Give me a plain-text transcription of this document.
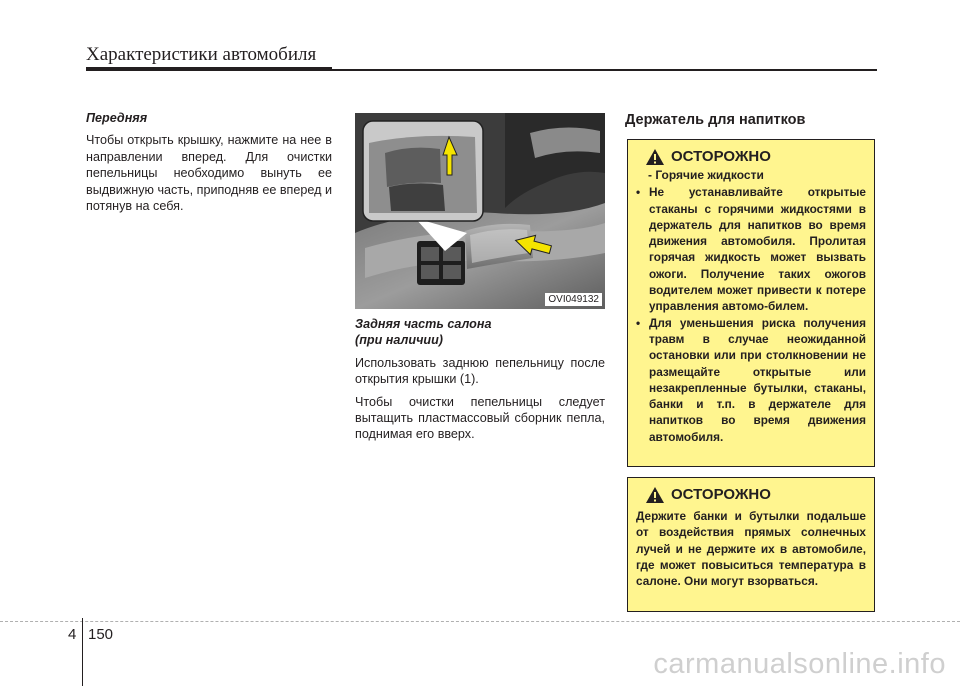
Характеристики автомобиля

Передняя

Чтобы открыть крышку, нажмите на нее в направлении вперед. Для очистки пепельницы необходимо вынуть ее выдвижную часть, приподняв ее вперед и потянув на себя.

OVI049132

Задняя часть салона

(при наличии)

Использовать заднюю пепельницу после открытия крышки (1).

Чтобы очистки пепельницы следует вытащить пластмассовый сборник пепла, поднимая его вверх.

Держатель для напитков
ОСТОРОЖНО
- Горячие жидкости
• Не устанавливайте открытые стаканы с горячими жидкостями в держатель для напитков во время движения автомобиля. Пролитая горячая жидкость может вызвать ожоги. Получение таких ожогов водителем может привести к потере управления автомо-билем.
• Для уменьшения риска получения травм в случае неожиданной остановки или при столкновении не размещайте открытые или незакрепленные бутылки, стаканы, банки и т.п. в держателе для напитков во время движения автомобиля.
ОСТОРОЖНО

Держите банки и бутылки подальше от воздействия прямых солнечных лучей и не держите их в автомобиле, где может повыситься температура в салоне. Они могут взорваться.

4 150
carmanualsonline.info
